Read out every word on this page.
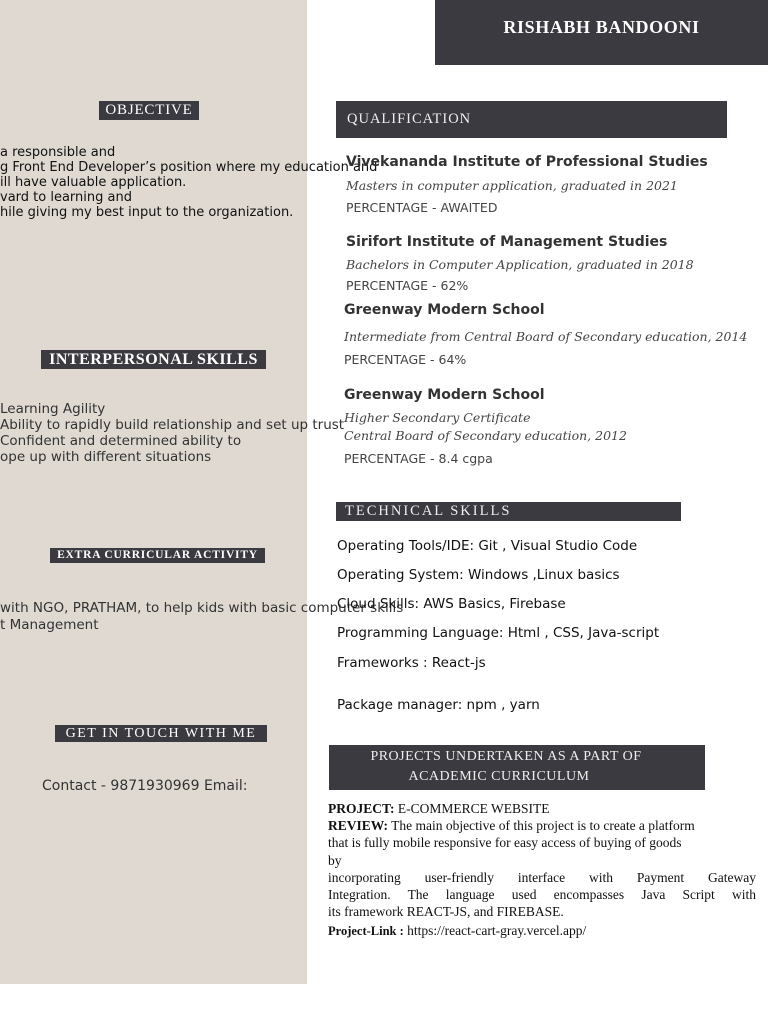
RISHABH BANDOONI
OBJECTIVE
a responsible and
g Front End Developer’s position where my education and
ill have valuable application.
vard to learning and
hile giving my best input to the organization.
INTERPERSONAL SKILLS
Learning Agility
Ability to rapidly build relationship and set up trust
Confident and determined ability to
ope up with different situations
EXTRA CURRICULAR ACTIVITY
with NGO, PRATHAM, to help kids with basic computer skills
t Management
GET IN TOUCH WITH ME
Contact - 9871930969 Email:
QUALIFICATION
Vivekananda Institute of Professional Studies
Masters in computer application, graduated in 2021
PERCENTAGE - AWAITED
Sirifort Institute of Management Studies
Bachelors in Computer Application, graduated in 2018
PERCENTAGE - 62%
Greenway Modern School
Intermediate from Central Board of Secondary education, 2014
PERCENTAGE - 64%
Greenway Modern School
Higher Secondary Certificate
Central Board of Secondary education, 2012
PERCENTAGE - 8.4 cgpa
TECHNICAL SKILLS
Operating Tools/IDE: Git , Visual Studio Code
Operating System: Windows ,Linux basics
Cloud Skills: AWS Basics, Firebase
Programming Language: Html , CSS, Java-script
Frameworks : React-js
Package manager: npm , yarn
PROJECTS UNDERTAKEN AS A PART OF
ACADEMIC CURRICULUM
PROJECT: E-COMMERCE WEBSITE
REVIEW: The main objective of this project is to create a platform
that is fully mobile responsive for easy access of buying of goods
by
incorporating user-friendly interface with Payment Gateway
Integration. The language used encompasses Java Script with
its framework REACT-JS, and FIREBASE.
Project-Link : https://react-cart-gray.vercel.app/
